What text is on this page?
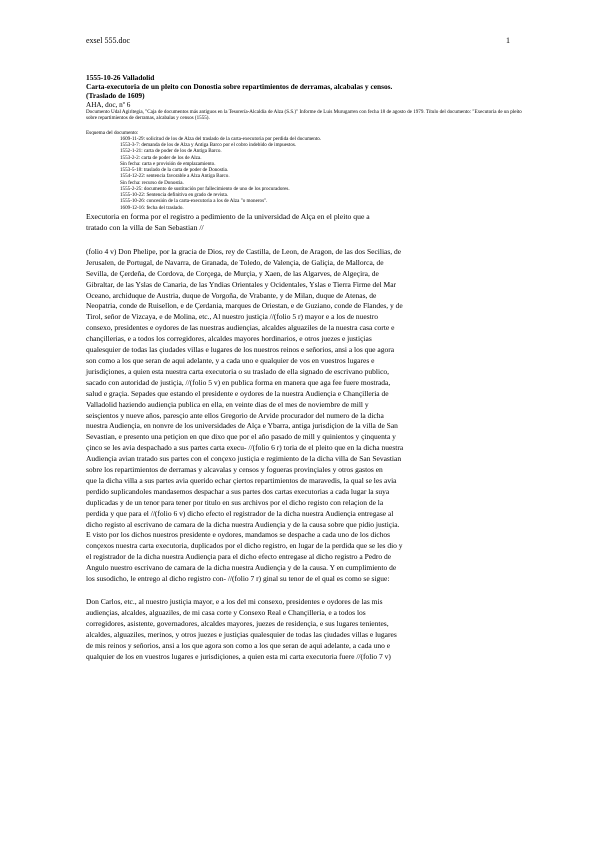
exsel 555.doc	1

1555-10-26 Valladolid

Carta-executoria de un pleito con Donostia sobre repartimientos de derramas, alcabalas y censos.

(Traslado de 1609)

AHA, doc, nº 6

Documento Udal Agiritegia, "Caja de documentos más antiguos en la Tesorería-Alcaldía de Alza (S.S.)" Informe de Luis Murugarren con fecha 18 de agosto de 1979. Título del documento: "Executoria de un pleito sobre repartimientos de derramas, alcabalas y censos (1555).

Esquema del documento:

1609-11-29: solicitud de los de Alza del traslado de la carta-executoria por perdida del documento.
1553-3-7: demanda de los de Alza y Antiga Barco por el cobro indebido de impuestos.
1552-1-21: carta de poder de los de Antiga Barco.
1553-2-2: carta de poder de los de Alza.
Sin fecha: carta e provisión de emplazamiento.
1553-5-18: traslado de la carta de poder de Donostia.
1554-12-22: sentencia favorable a Alza Antiga Barco.
Sin fecha: recurso de Donostia.
1555-2-25: documento de sustitución por fallecimiento de uno de los procuradores.
1555-10-22: Sentencia definitiva en grado de revista.
1555-10-26: concesión de la carta-executoria a los de Alza "o moneros".
1609-12-16: fecha del traslado.

Executoria en forma por el registro a pedimiento de la universidad de Alça en el pleito que a

tratado con la villa de San Sebastian //

(folio 4 v) Don Phelipe, por la gracia de Dios, rey de Castilla, de Leon, de Aragon, de las dos Secilias, de

Jerusalen, de Portugal, de Navarra, de Granada, de Toledo, de Valençia, de Galiçia, de Mallorca, de

Sevilla, de Çerdeña, de Cordova, de Corçega, de Murçia, y Xaen, de las Algarves, de Algeçira, de

Gibraltar, de las Yslas de Canaria, de las Yndias Orientales y Ocidentales, Yslas e Tierra Firme del Mar

Oceano, archiduque de Austria, duque de Vorgoña, de Vrabante, y de Milan, duque de Atenas, de

Neopatria, conde de Ruisellon, e de Çerdania, marques de Oriestan, e de Guziano, conde de Flandes, y de

Tirol, señor de Vizcaya, e de Molina, etc., Al nuestro justiçia //(folio 5 r) mayor e a los de nuestro

consexo, presidentes e oydores de las nuestras audiençias, alcaldes alguaziles de la nuestra casa corte e

chançillerias, e a todos los corregidores, alcaldes mayores hordinarios, e otros juezes e justiçias

qualesquier de todas las çiudades villas e lugares de los nuestros reinos e señorios, ansi a los que agora

son como a los que seran de aqui adelante, y a cada uno e qualquier de vos en vuestros lugares e

jurisdiçiones, a quien esta nuestra carta executoria o su traslado de ella signado de escrivano publico,

sacado con autoridad de justiçia, //(folio 5 v) en publica forma en manera que aga fee fuere mostrada,

salud e graçia. Sepades que estando el presidente e oydores de la nuestra Audiençia e Chançilleria de

Valladolid haziendo audiençia publica en ella, en veinte dias de el mes de noviembre de mill y

seisçientos y nueve años, paresçio ante ellos Gregorio de Arvide procurador del numero de la dicha

nuestra Audiençia, en nonvre de los universidades de Alça e Ybarra, antiga jurisdiçion de la villa de San

Sevastian, e presento una petiçion en que dixo que por el año pasado de mill y quinientos y çinquenta y

çinco se les avia despachado a sus partes carta execu- //(folio 6 r) toria de el pleito que en la dicha nuestra

Audiençia avian tratado sus partes con el conçexo justiçia e regimiento de la dicha villa de San Sevastian

sobre los repartimientos de derramas y alcavalas y censos y fogueras provinçiales y otros gastos en

que la dicha villa a sus partes avia querido echar çiertos repartimientos de maravedis, la qual se les avia

perdido suplicandoles mandasemos despachar a sus partes dos cartas executorias a cada lugar la suya

duplicadas y de un tenor para tener por titulo en sus archivos por el dicho registo con relaçion de la

perdida y que para el //(folio 6 v) dicho efecto el registrador de la dicha nuestra Audiençia entregase al

dicho registo al escrivano de camara de la dicha nuestra Audiençia y de la causa sobre que pidio justiçia.

E visto por los dichos nuestros presidente e oydores, mandamos se despache a cada uno de los dichos

conçexos nuestra carta executoria, duplicados por el dicho registro, en lugar de la perdida que se les dio y

el registrador de la dicha nuestra Audiençia para el dicho efecto entregase al dicho registro a Pedro de

Angulo nuestro escrivano de camara de la dicha nuestra Audiençia y de la causa. Y en cumplimiento de

los susodicho, le entrego al dicho registro con- //(folio 7 r) ginal su tenor de el qual es como se sigue:

Don Carlos, etc., al nuestro justiçia mayor, e a los del mi consexo, presidentes e oydores de las mis

audiençias, alcaldes, alguaziles, de mi casa corte y Consexo Real e Chançilleria, e a todos los

corregidores, asistente, governadores, alcaldes mayores, juezes de residençia, e sus lugares tenientes,

alcaldes, alguaziles, merinos, y otros juezes e justiçias qualesquier de todas las çiudades villas e lugares

de mis reinos y señorios, ansi a los que agora son como a los que seran de aqui adelante, a cada uno e

qualquier de los en vuestros lugares e jurisdiçiones, a quien esta mi carta executoria fuere //(folio 7 v)
